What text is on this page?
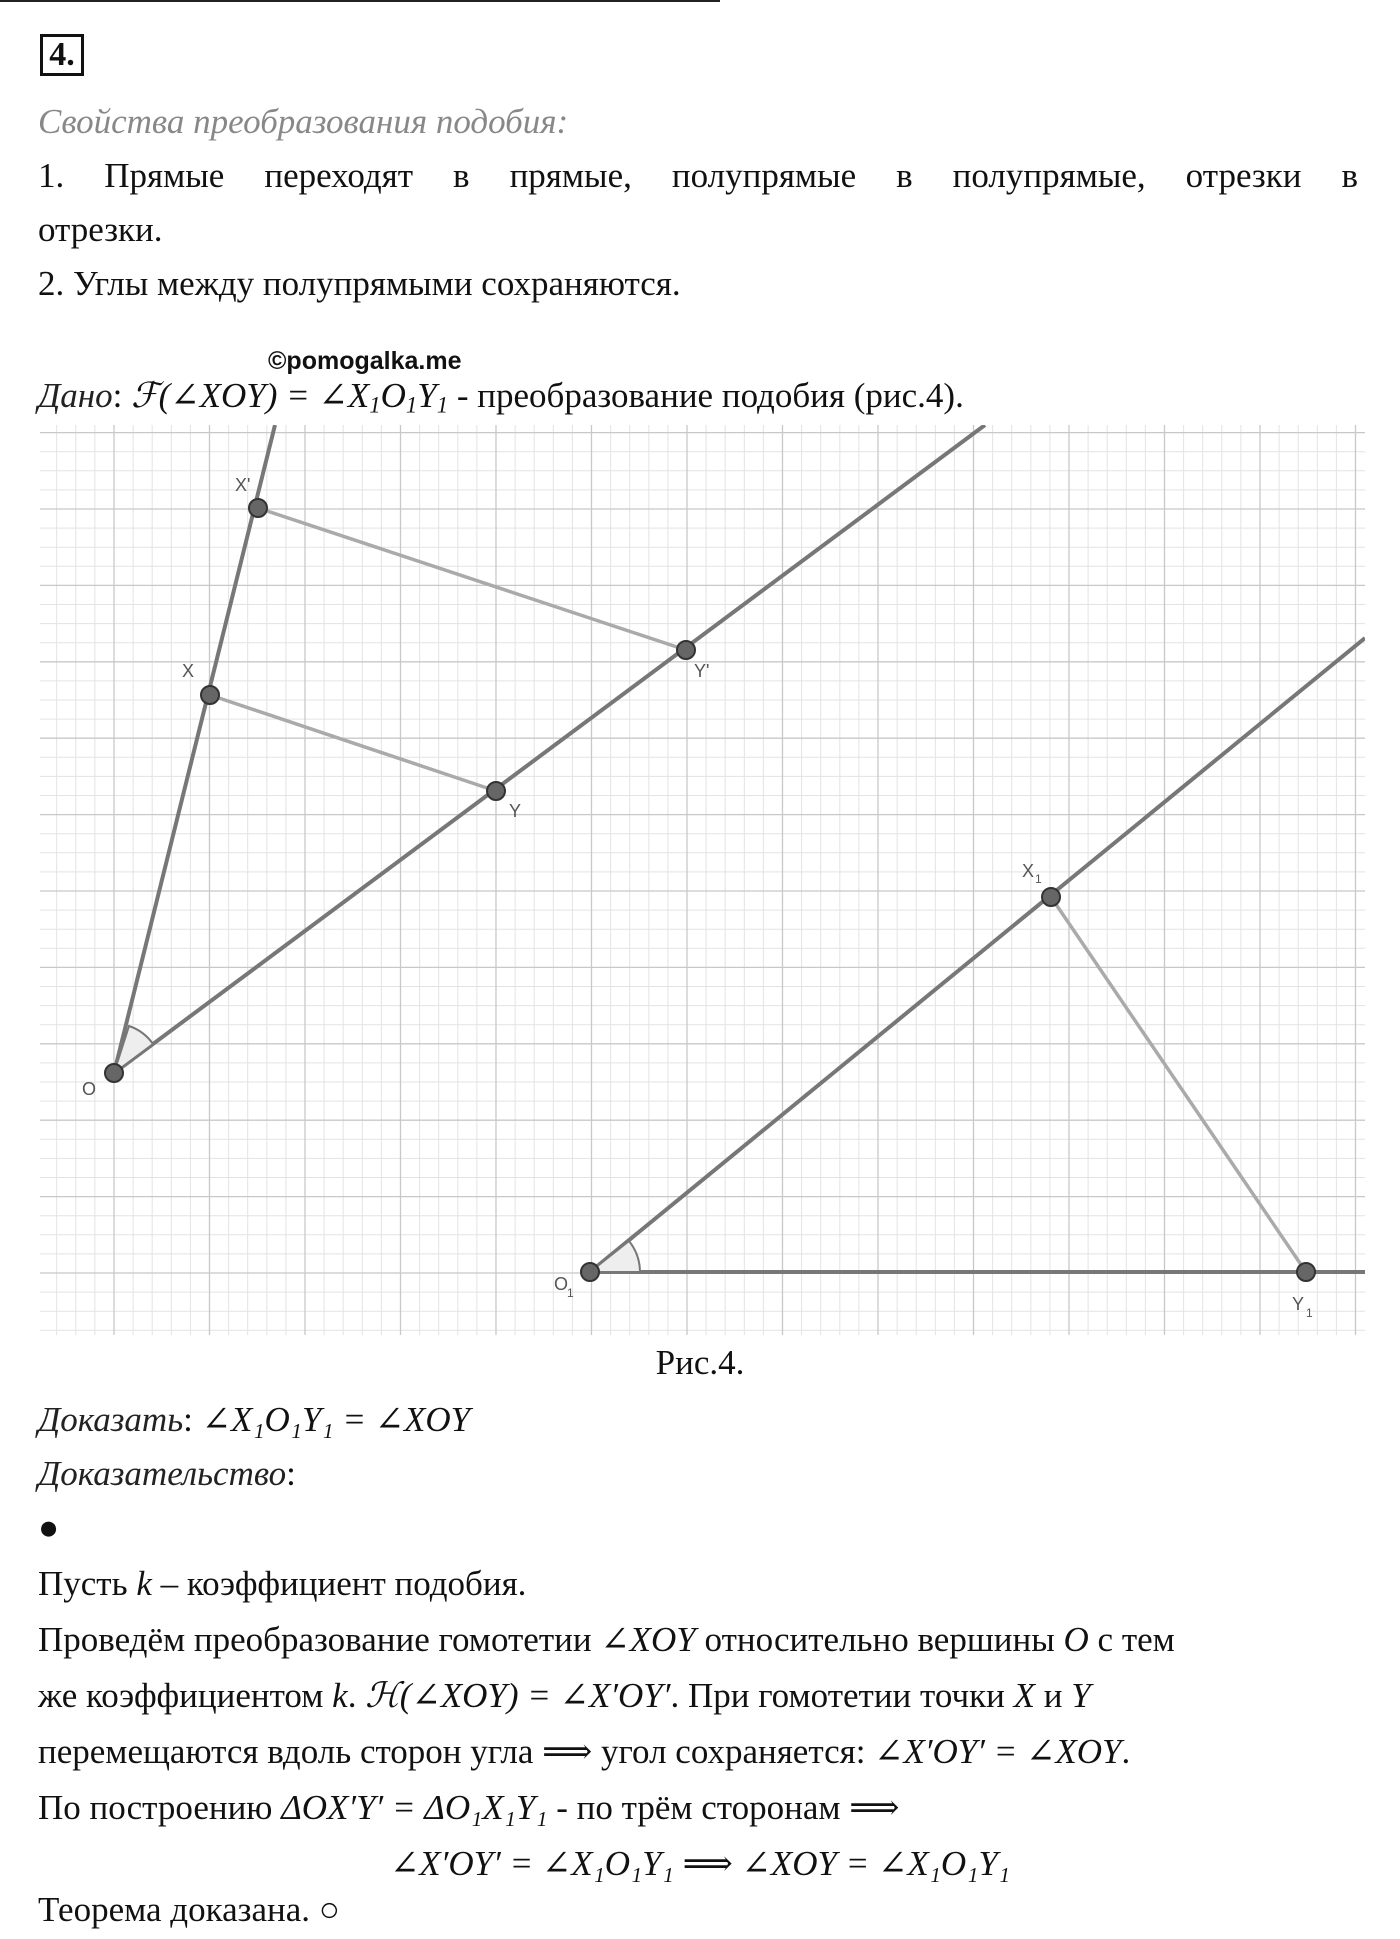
4.
Свойства преобразования подобия:
1. Прямые переходят в прямые, полупрямые в полупрямые, отрезки в
отрезки.
2. Углы между полупрямыми сохраняются.
©pomogalka.me
Дано: ℱ(∠XOY) = $\angle X_1O_1Y_1$ - преобразование подобия (рис.4).
O
X
X'
Y
Y'
O
1
X 1
Y 1
Рис.4.
Доказать: ∠X₁O₁Y₁ = ∠XOY
Доказательство:
●
Пусть k – коэффициент подобия.
Проведём преобразование гомотетии ∠XOY относительно вершины O с тем
же коэффициентом k. ℋ(∠XOY) = ∠X′OY′. При гомотетии точки X и Y
перемещаются вдоль сторон угла ⟹ угол сохраняется: ∠X′OY′ = ∠XOY.
По построению ΔOX′Y′ = ΔO₁X₁Y₁ - по трём сторонам ⟹
∠X′OY′ = ∠X₁O₁Y₁ ⟹ ∠XOY = ∠X₁O₁Y₁
Теорема доказана. ○
